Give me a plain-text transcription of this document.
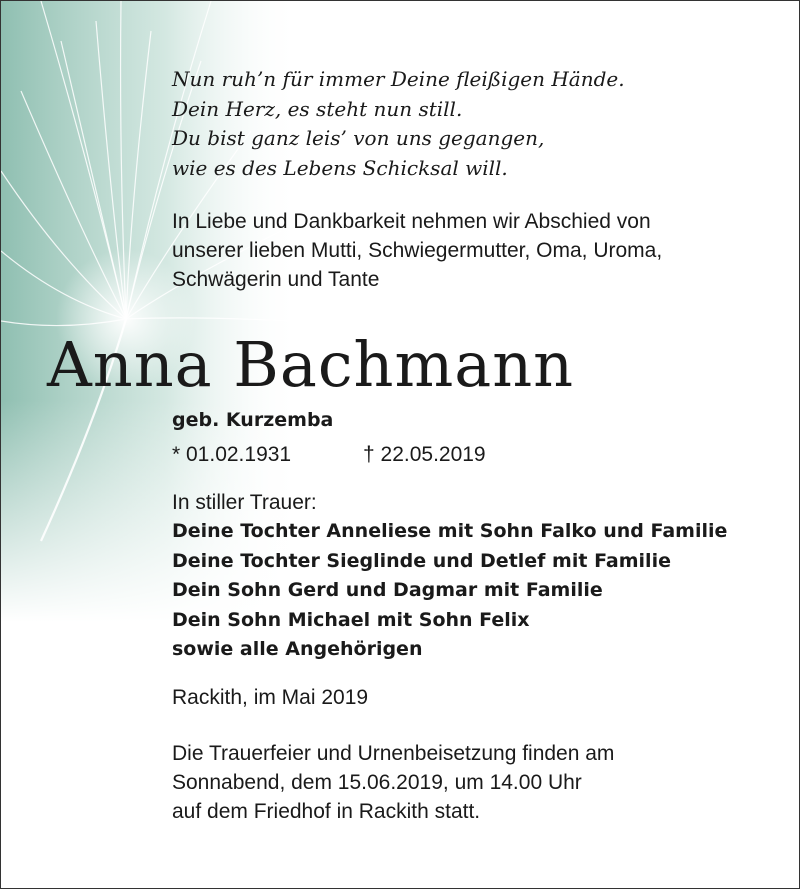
Nun ruh’n für immer Deine fleißigen Hände.
Dein Herz, es steht nun still.
Du bist ganz leis’ von uns gegangen,
wie es des Lebens Schicksal will.
In Liebe und Dankbarkeit nehmen wir Abschied von
unserer lieben Mutti, Schwiegermutter, Oma, Uroma,
Schwägerin und Tante
Anna Bachmann
geb. Kurzemba
* 01.02.1931	† 22.05.2019
In stiller Trauer:
Deine Tochter Anneliese mit Sohn Falko und Familie
Deine Tochter Sieglinde und Detlef mit Familie
Dein Sohn Gerd und Dagmar mit Familie
Dein Sohn Michael mit Sohn Felix
sowie alle Angehörigen
Rackith, im Mai 2019
Die Trauerfeier und Urnenbeisetzung finden am
Sonnabend, dem 15.06.2019, um 14.00 Uhr
auf dem Friedhof in Rackith statt.
